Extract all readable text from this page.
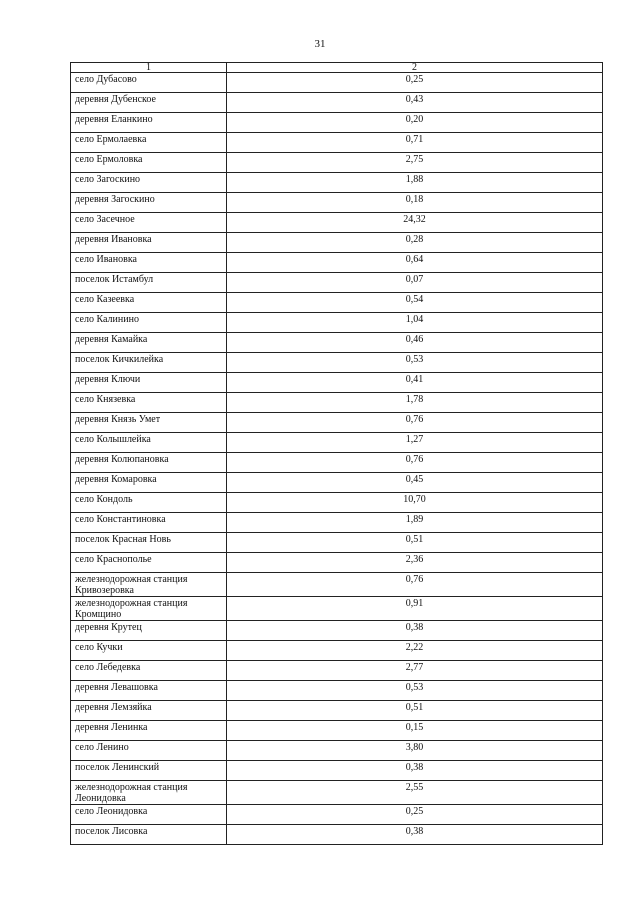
31
1	2
село Дубасово	0,25
деревня Дубенское	0,43
деревня Еланкино	0,20
село Ермолаевка	0,71
село Ермоловка	2,75
село Загоскино	1,88
деревня Загоскино	0,18
село Засечное	24,32
деревня Ивановка	0,28
село Ивановка	0,64
поселок Истамбул	0,07
село Казеевка	0,54
село Калинино	1,04
деревня Камайка	0,46
поселок Кичкилейка	0,53
деревня Ключи	0,41
село Князевка	1,78
деревня Князь Умет	0,76
село Колышлейка	1,27
деревня Колюпановка	0,76
деревня Комаровка	0,45
село Кондоль	10,70
село Константиновка	1,89
поселок Красная Новь	0,51
село Краснополье	2,36
железнодорожная станция Кривозеровка	0,76
железнодорожная станция Кромщино	0,91
деревня Крутец	0,38
село Кучки	2,22
село Лебедевка	2,77
деревня Левашовка	0,53
деревня Лемзяйка	0,51
деревня Ленинка	0,15
село Ленино	3,80
поселок Ленинский	0,38
железнодорожная станция Леонидовка	2,55
село Леонидовка	0,25
поселок Лисовка	0,38
